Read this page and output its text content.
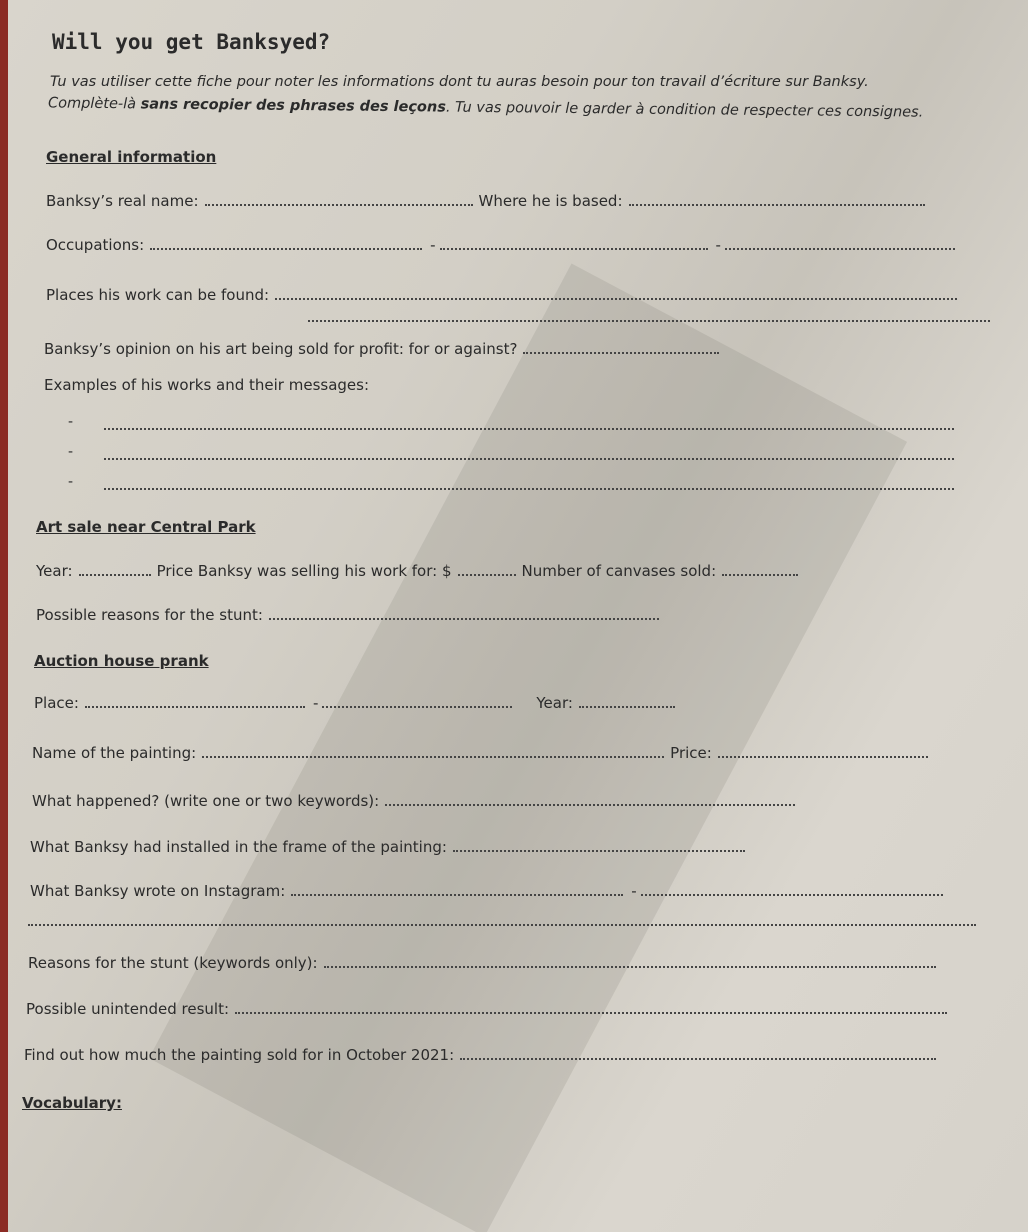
Will you get Banksyed?
Tu vas utiliser cette fiche pour noter les informations dont tu auras besoin pour ton travail d’écriture sur Banksy.
Complète-là sans recopier des phrases des leçons. Tu vas pouvoir le garder à condition de respecter ces consignes.
General information
Banksy’s real name:	Where he is based:
Occupations:	-	-
Places his work can be found:
Banksy’s opinion on his art being sold for profit: for or against?
Examples of his works and their messages:
-
-
-
Art sale near Central Park
Year:	Price Banksy was selling his work for: $	Number of canvases sold:
Possible reasons for the stunt:
Auction house prank
Place:	-	Year:
Name of the painting:	Price:
What happened? (write one or two keywords):
What Banksy had installed in the frame of the painting:
What Banksy wrote on Instagram:	-
Reasons for the stunt (keywords only):
Possible unintended result:
Find out how much the painting sold for in October 2021:
Vocabulary:
